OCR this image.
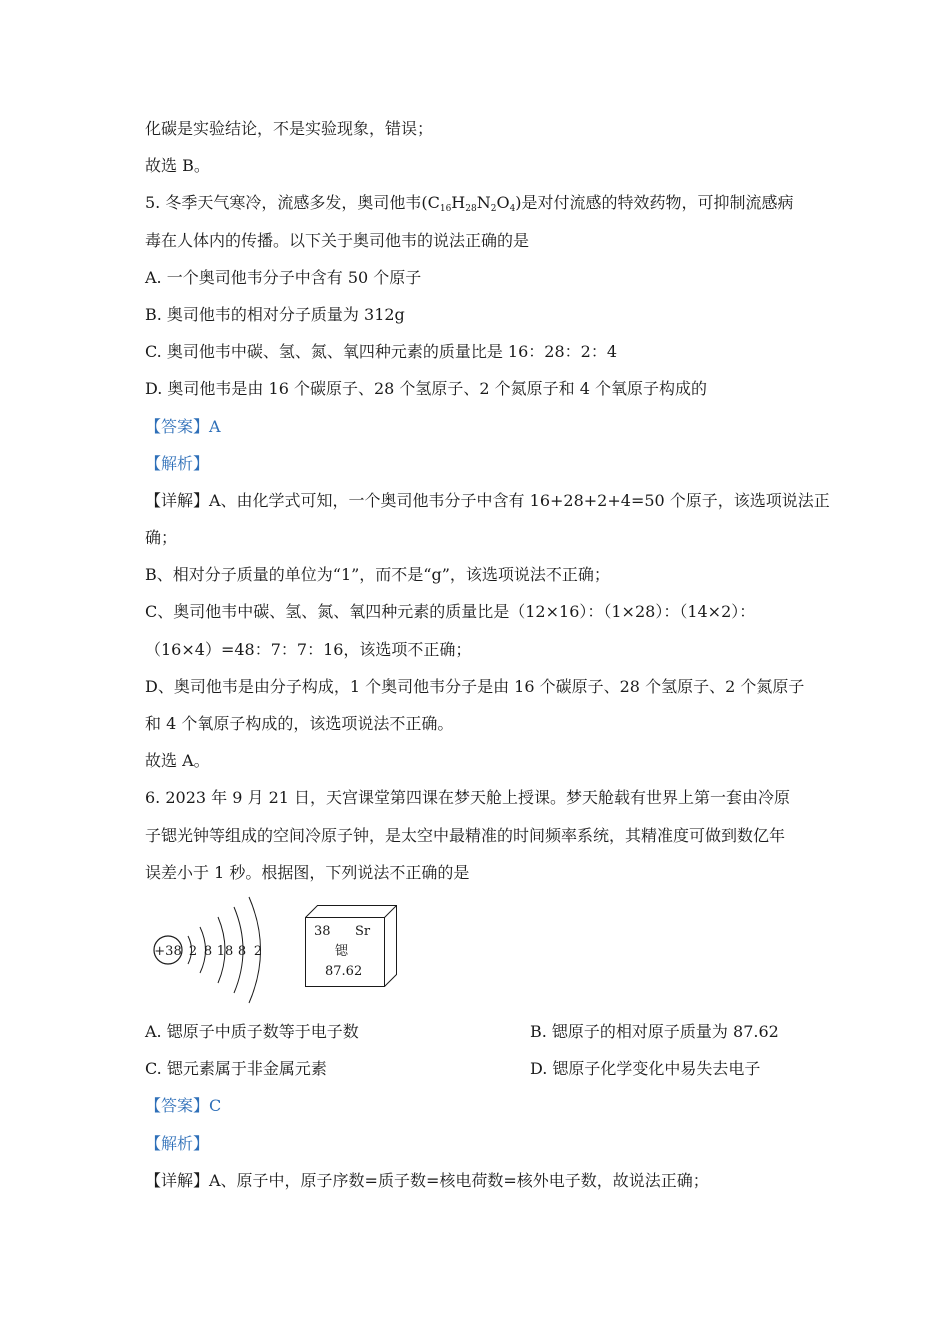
化碳是实验结论，不是实验现象，错误；
故选 B。
5. 冬季天气寒冷，流感多发，奥司他韦$(C_{16}H_{28}N_2O_4)$是对付流感的特效药物，可抑制流感病
毒在人体内的传播。以下关于奥司他韦的说法正确的是
A. 一个奥司他韦分子中含有 50 个原子
B. 奥司他韦的相对分子质量为 312g
C. 奥司他韦中碳、氢、氮、氧四种元素的质量比是 16：28：2：4
D. 奥司他韦是由 16 个碳原子、28 个氢原子、2 个氮原子和 4 个氧原子构成的
【答案】A
【解析】
【详解】A、由化学式可知，一个奥司他韦分子中含有 16+28+2+4=50 个原子，该选项说法正
确；
B、相对分子质量的单位为“1”，而不是“g”，该选项说法不正确；
C、奥司他韦中碳、氢、氮、氧四种元素的质量比是（12×16）：（1×28）：（14×2）：
（16×4）=48：7：7：16，该选项不正确；
D、奥司他韦是由分子构成，1 个奥司他韦分子是由 16 个碳原子、28 个氢原子、2 个氮原子
和 4 个氧原子构成的，该选项说法不正确。
故选 A。
6. 2023 年 9 月 21 日，天宫课堂第四课在梦天舱上授课。梦天舱载有世界上第一套由冷原
子锶光钟等组成的空间冷原子钟，是太空中最精准的时间频率系统，其精准度可做到数亿年
误差小于 1 秒。根据图，下列说法不正确的是
+38 2 8 18 8 2
38 Sr
锶
87.62
A. 锶原子中质子数等于电子数	B. 锶原子的相对原子质量为 87.62
C. 锶元素属于非金属元素	D. 锶原子化学变化中易失去电子
【答案】C
【解析】
【详解】A、原子中，原子序数=质子数=核电荷数=核外电子数，故说法正确；
